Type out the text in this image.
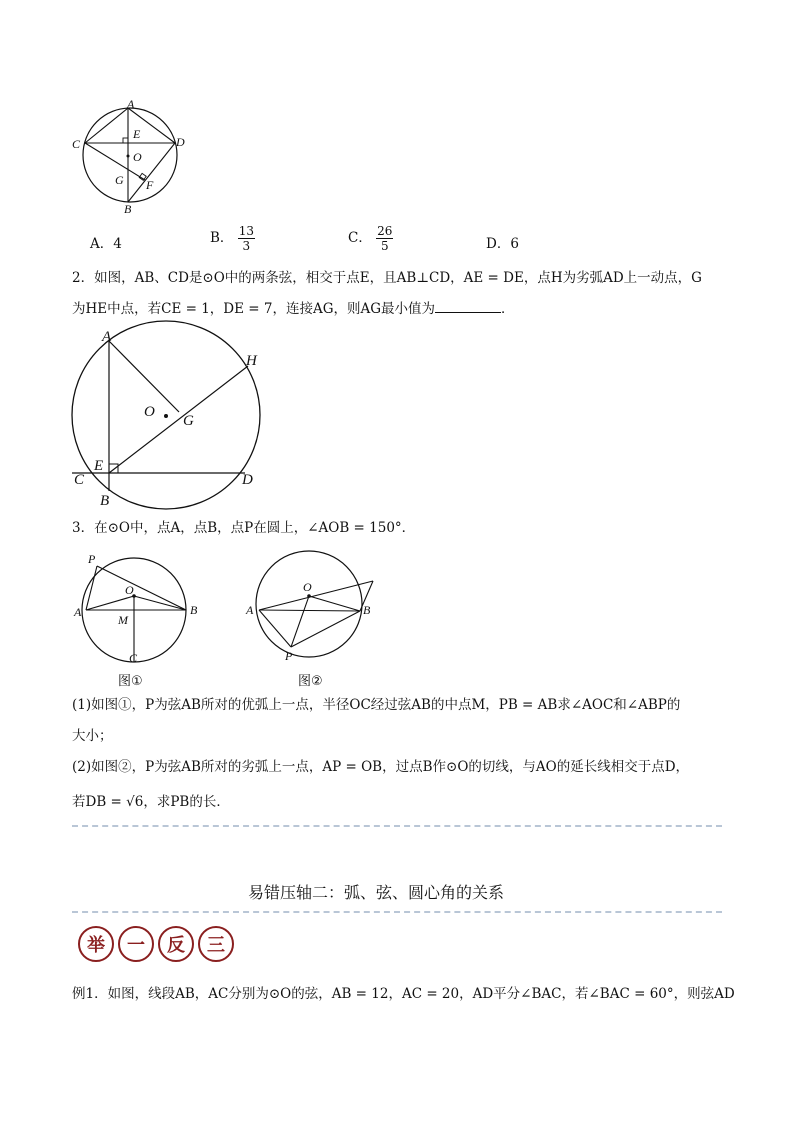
A
C	D
E
O
G F
B
A．4	B． $\frac{13}{3}$	C． $\frac{26}{5}$	D．6
2．如图，AB、CD是⊙O中的两条弦，相交于点E，且AB⊥CD，AE = DE，点H为劣弧AD上一动点，G
为HE中点，若CE = 1，DE = 7，连接AG，则AG最小值为	．
A
H
O
G
E
C	D
B
3．在⊙O中，点A，点B，点P在圆上，∠AOB = 150°．
P
O
A	B
M
C
图①
O
A	B
P
图②
(1)如图①，P为弦AB所对的优弧上一点，半径OC经过弦AB的中点M，PB = AB求∠AOC和∠ABP的
大小；
(2)如图②，P为弦AB所对的劣弧上一点，AP = OB，过点B作⊙O的切线，与AO的延长线相交于点D，
若DB = √6，求PB的长．
易错压轴二：弧、弦、圆心角的关系
举	一	反	三
例1．如图，线段AB，AC分别为⊙O的弦，AB = 12，AC = 20，AD平分∠BAC，若∠BAC = 60°，则弦AD
